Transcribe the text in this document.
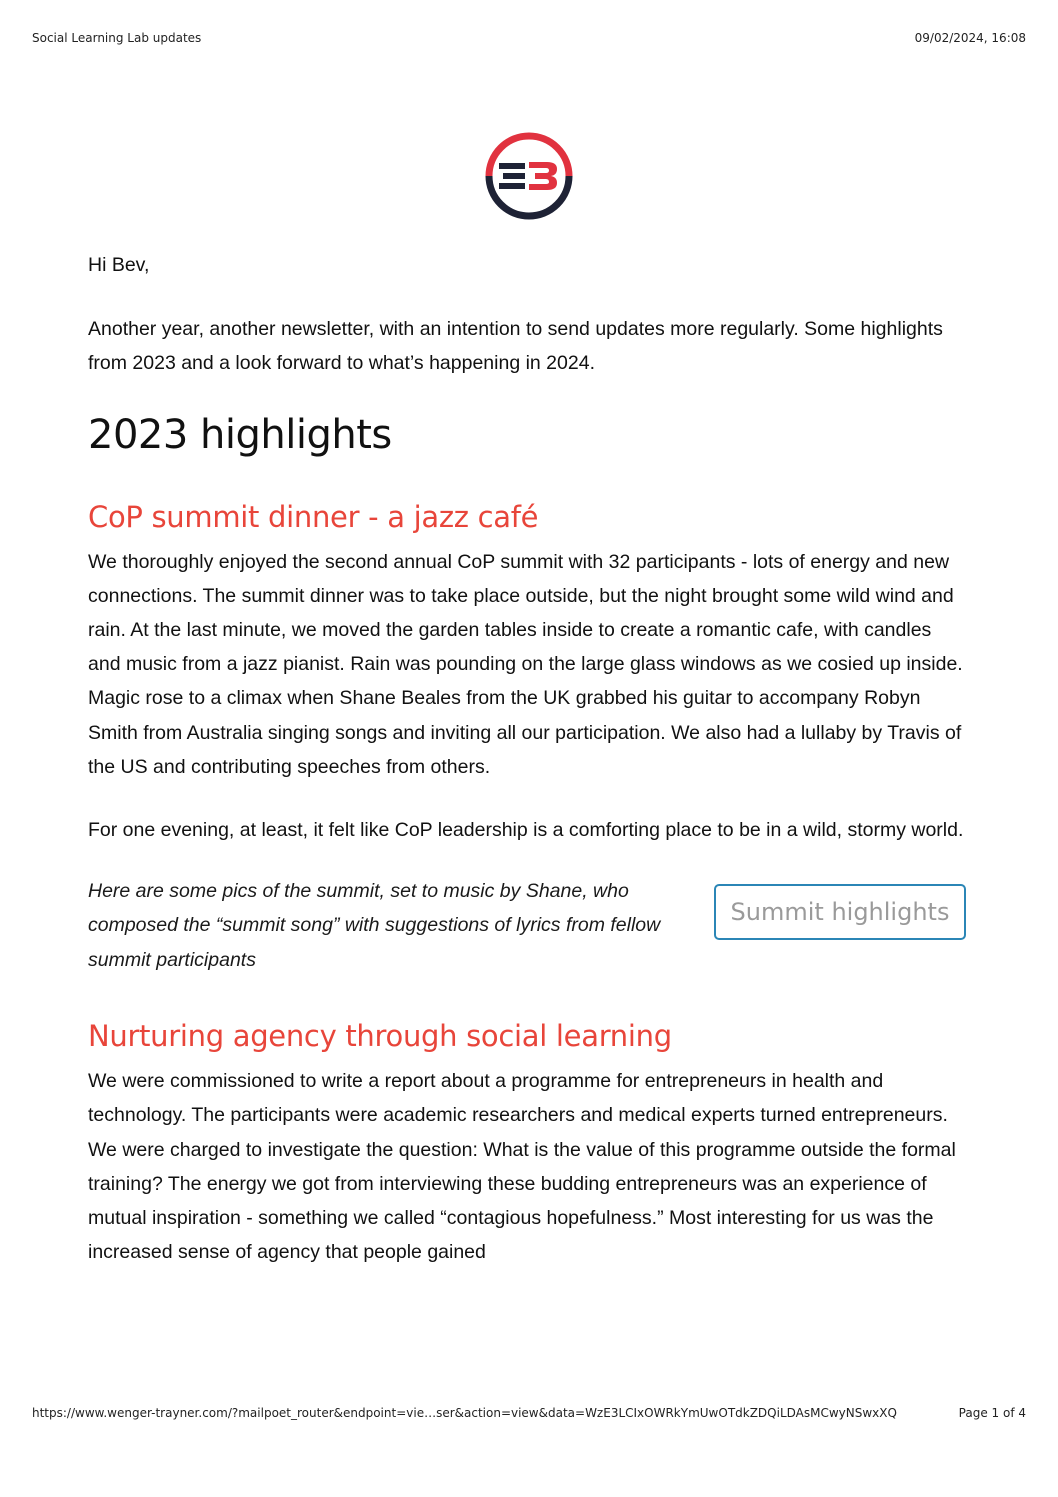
Social Learning Lab updates	09/02/2024, 16:08

Hi Bev,

Another year, another newsletter, with an intention to send updates more regularly. Some highlights from 2023 and a look forward to what’s happening in 2024.

2023 highlights
CoP summit dinner - a jazz café

We thoroughly enjoyed the second annual CoP summit with 32 participants - lots of energy and new connections. The summit dinner was to take place outside, but the night brought some wild wind and rain. At the last minute, we moved the garden tables inside to create a romantic cafe, with candles and music from a jazz pianist. Rain was pounding on the large glass windows as we cosied up inside. Magic rose to a climax when Shane Beales from the UK grabbed his guitar to accompany Robyn Smith from Australia singing songs and inviting all our participation. We also had a lullaby by Travis of the US and contributing speeches from others.

For one evening, at least, it felt like CoP leadership is a comforting place to be in a wild, stormy world.

Here are some pics of the summit, set to music by Shane, who composed the “summit song” with suggestions of lyrics from fellow summit participants

Summit highlights
Nurturing agency through social learning

We were commissioned to write a report about a programme for entrepreneurs in health and technology. The participants were academic researchers and medical experts turned entrepreneurs. We were charged to investigate the question: What is the value of this programme outside the formal training? The energy we got from interviewing these budding entrepreneurs was an experience of mutual inspiration - something we called “contagious hopefulness.” Most interesting for us was the increased sense of agency that people gained

https://www.wenger-trayner.com/?mailpoet_router&endpoint=vie…ser&action=view&data=WzE3LCIxOWRkYmUwOTdkZDQiLDAsMCwyNSwxXQ	Page 1 of 4
